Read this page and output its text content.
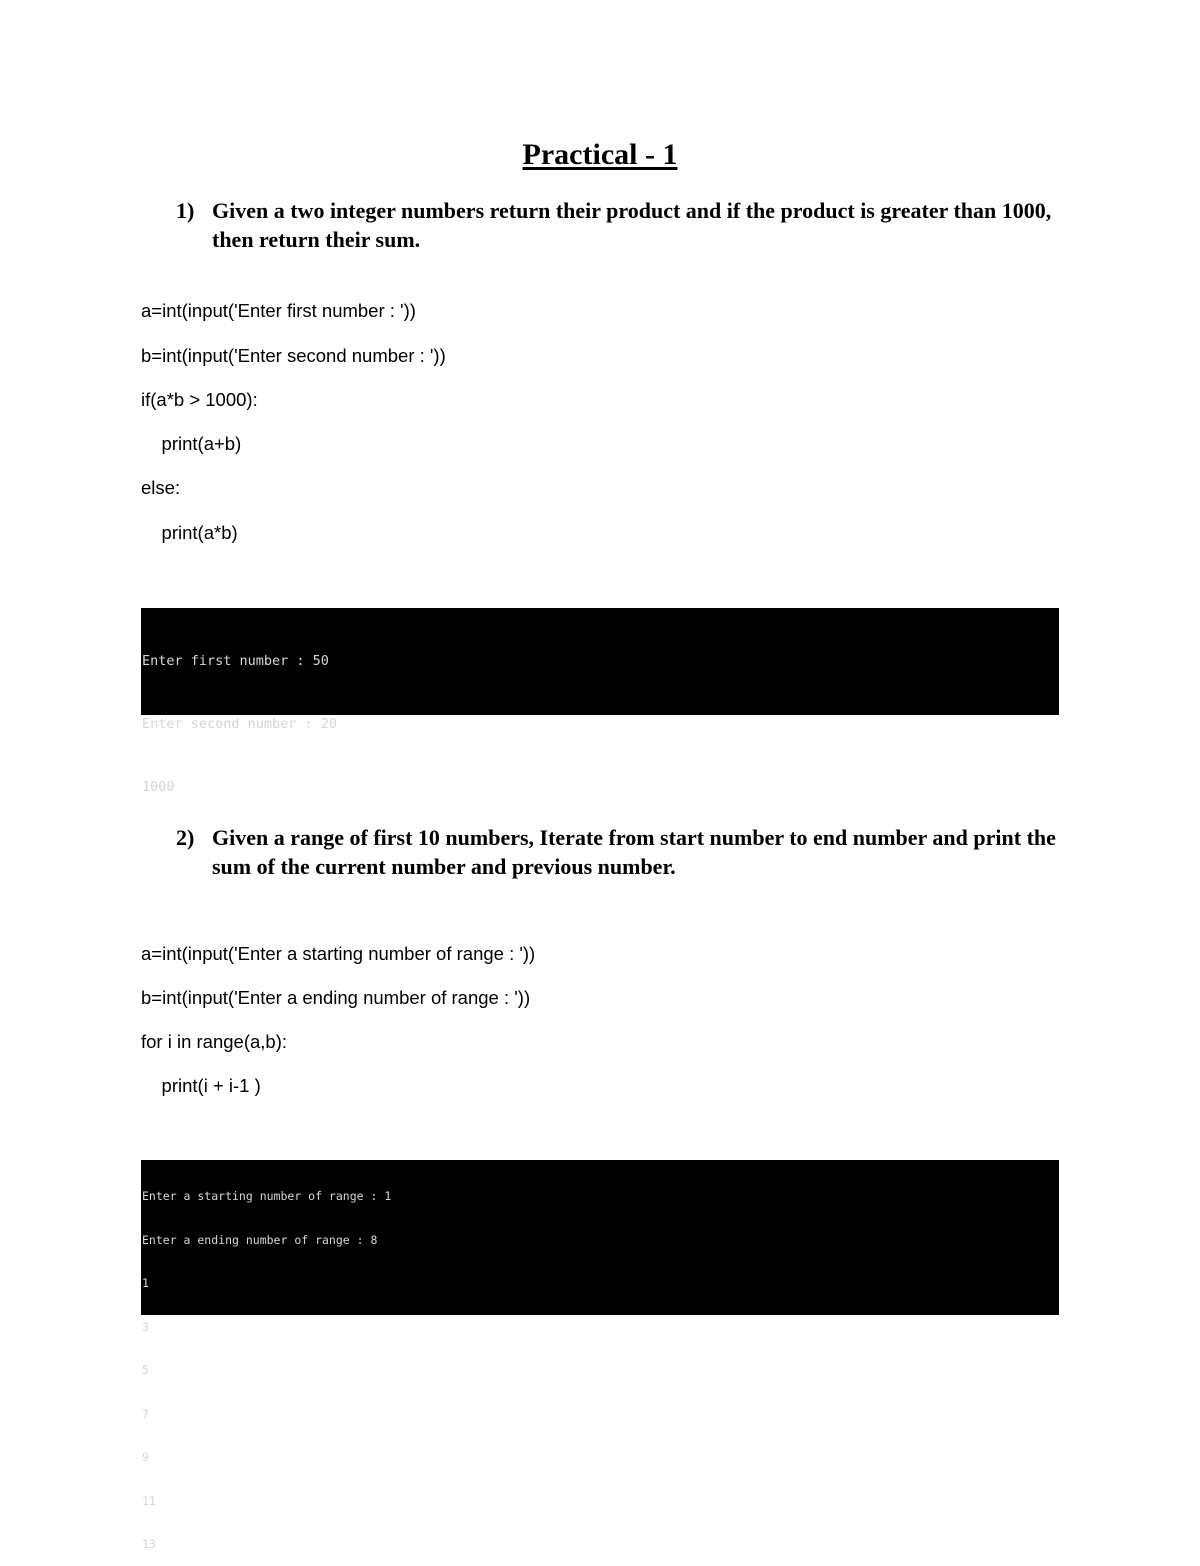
Practical - 1
1) Given a two integer numbers return their product and if the product is greater than 1000, then return their sum.
a=int(input('Enter first number : '))
b=int(input('Enter second number : '))
if(a*b > 1000):
print(a+b)
else:
print(a*b)

Enter first number : 50

Enter second number : 20

1000

2) Given a range of first 10 numbers, Iterate from start number to end number and print the sum of the current number and previous number.
a=int(input('Enter a starting number of range : '))
b=int(input('Enter a ending number of range : '))
for i in range(a,b):
print(i + i-1 )

Enter a starting number of range : 1

Enter a ending number of range : 8

1

3

5

7

9

11

13
